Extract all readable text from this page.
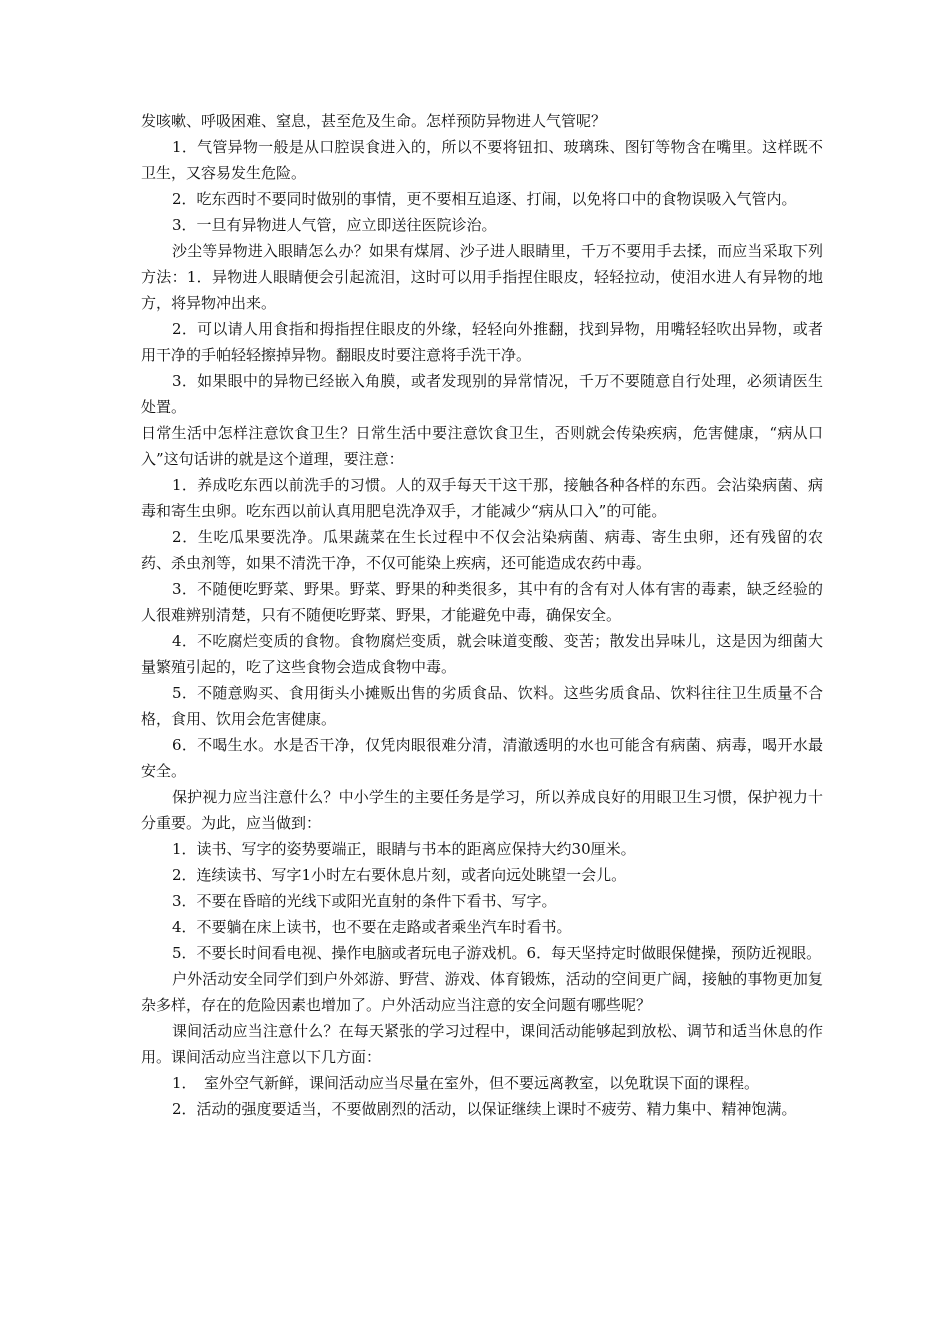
发咳嗽、呼吸困难、窒息，甚至危及生命。怎样预防异物进人气管呢？

1．气管异物一般是从口腔误食进入的，所以不要将钮扣、玻璃珠、图钉等物含在嘴里。这样既不卫生，又容易发生危险。

2．吃东西时不要同时做别的事情，更不要相互追逐、打闹，以免将口中的食物误吸入气管内。

3．一旦有异物进人气管，应立即送往医院诊治。

沙尘等异物进入眼睛怎么办？如果有煤屑、沙子进人眼睛里，千万不要用手去揉，而应当采取下列方法：1．异物进人眼睛便会引起流泪，这时可以用手指捏住眼皮，轻轻拉动，使泪水进人有异物的地方，将异物冲出来。

2．可以请人用食指和拇指捏住眼皮的外缘，轻轻向外推翻，找到异物，用嘴轻轻吹出异物，或者用干净的手帕轻轻擦掉异物。翻眼皮时要注意将手洗干净。

3．如果眼中的异物已经嵌入角膜，或者发现别的异常情况，千万不要随意自行处理，必须请医生处置。

日常生活中怎样注意饮食卫生？日常生活中要注意饮食卫生，否则就会传染疾病，危害健康，“病从口入”这句话讲的就是这个道理，要注意：

1．养成吃东西以前洗手的习惯。人的双手每天干这干那，接触各种各样的东西。会沾染病菌、病毒和寄生虫卵。吃东西以前认真用肥皂洗净双手，才能减少“病从口入”的可能。

2．生吃瓜果要洗净。瓜果蔬菜在生长过程中不仅会沾染病菌、病毒、寄生虫卵，还有残留的农药、杀虫剂等，如果不清洗干净，不仅可能染上疾病，还可能造成农药中毒。

3．不随便吃野菜、野果。野菜、野果的种类很多，其中有的含有对人体有害的毒素，缺乏经验的人很难辨别清楚，只有不随便吃野菜、野果，才能避免中毒，确保安全。

4．不吃腐烂变质的食物。食物腐烂变质，就会味道变酸、变苦；散发出异味儿，这是因为细菌大量繁殖引起的，吃了这些食物会造成食物中毒。

5．不随意购买、食用街头小摊贩出售的劣质食品、饮料。这些劣质食品、饮料往往卫生质量不合格，食用、饮用会危害健康。

6．不喝生水。水是否干净，仅凭肉眼很难分清，清澈透明的水也可能含有病菌、病毒，喝开水最安全。

保护视力应当注意什么？中小学生的主要任务是学习，所以养成良好的用眼卫生习惯，保护视力十分重要。为此，应当做到：

1．读书、写字的姿势要端正，眼睛与书本的距离应保持大约30厘米。

2．连续读书、写字1小时左右要休息片刻，或者向远处眺望一会儿。

3．不要在昏暗的光线下或阳光直射的条件下看书、写字。

4．不要躺在床上读书，也不要在走路或者乘坐汽车时看书。

5．不要长时间看电视、操作电脑或者玩电子游戏机。6．每天坚持定时做眼保健操，预防近视眼。

户外活动安全同学们到户外郊游、野营、游戏、体育锻炼，活动的空间更广阔，接触的事物更加复杂多样，存在的危险因素也增加了。户外活动应当注意的安全问题有哪些呢？

课间活动应当注意什么？在每天紧张的学习过程中，课间活动能够起到放松、调节和适当休息的作用。课间活动应当注意以下几方面：

1．　室外空气新鲜，课间活动应当尽量在室外，但不要远离教室，以免耽误下面的课程。

2．活动的强度要适当，不要做剧烈的活动，以保证继续上课时不疲劳、精力集中、精神饱满。
